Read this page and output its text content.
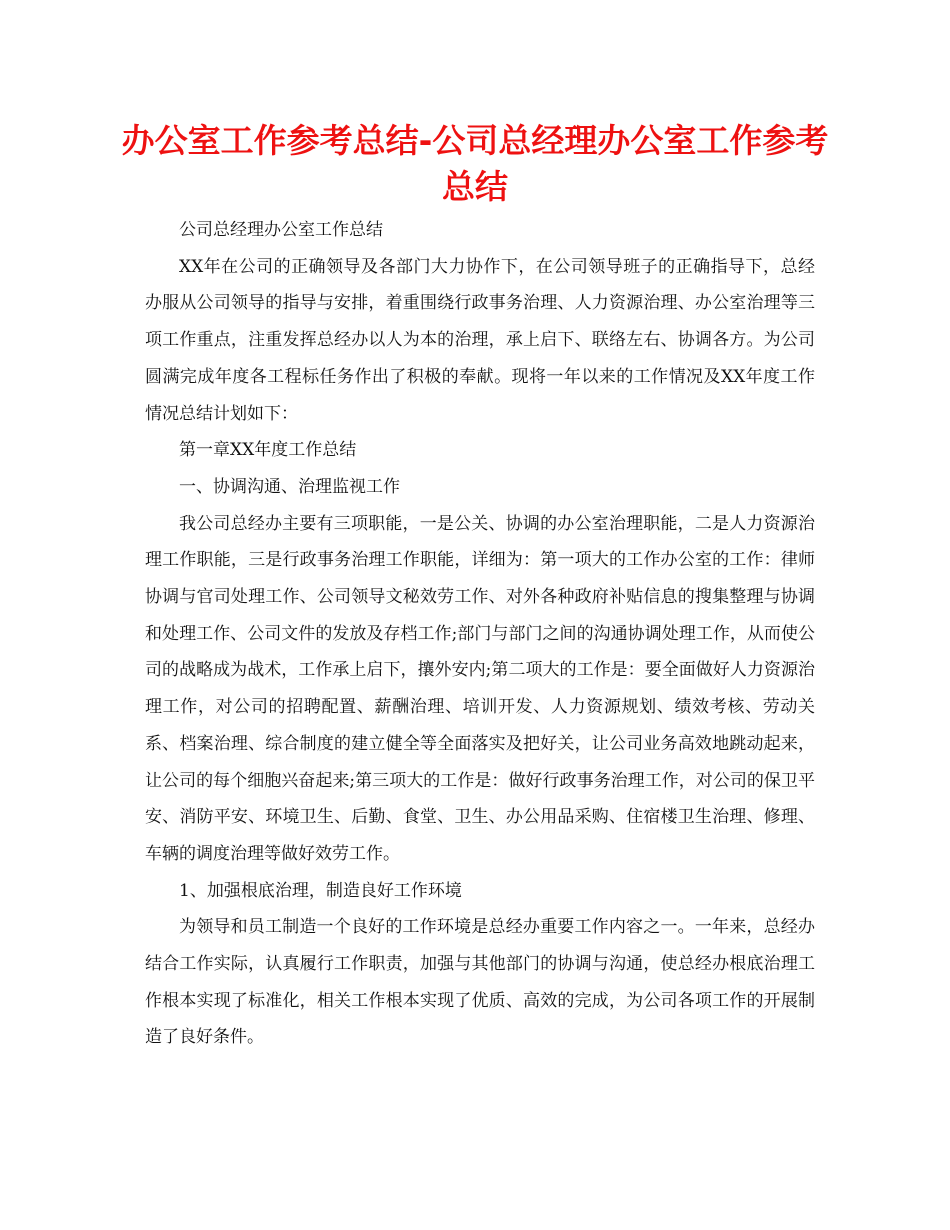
办公室工作参考总结-公司总经理办公室工作参考总结

公司总经理办公室工作总结

XX年在公司的正确领导及各部门大力协作下，在公司领导班子的正确指导下，总经办服从公司领导的指导与安排，着重围绕行政事务治理、人力资源治理、办公室治理等三项工作重点，注重发挥总经办以人为本的治理，承上启下、联络左右、协调各方。为公司圆满完成年度各工程标任务作出了积极的奉献。现将一年以来的工作情况及XX年度工作情况总结计划如下：

第一章XX年度工作总结

一、协调沟通、治理监视工作

我公司总经办主要有三项职能，一是公关、协调的办公室治理职能，二是人力资源治理工作职能，三是行政事务治理工作职能，详细为：第一项大的工作办公室的工作：律师协调与官司处理工作、公司领导文秘效劳工作、对外各种政府补贴信息的搜集整理与协调和处理工作、公司文件的发放及存档工作;部门与部门之间的沟通协调处理工作，从而使公司的战略成为战术，工作承上启下，攘外安内;第二项大的工作是：要全面做好人力资源治理工作，对公司的招聘配置、薪酬治理、培训开发、人力资源规划、绩效考核、劳动关系、档案治理、综合制度的建立健全等全面落实及把好关，让公司业务高效地跳动起来，让公司的每个细胞兴奋起来;第三项大的工作是：做好行政事务治理工作，对公司的保卫平安、消防平安、环境卫生、后勤、食堂、卫生、办公用品采购、住宿楼卫生治理、修理、车辆的调度治理等做好效劳工作。

1、加强根底治理，制造良好工作环境

为领导和员工制造一个良好的工作环境是总经办重要工作内容之一。一年来，总经办结合工作实际，认真履行工作职责，加强与其他部门的协调与沟通，使总经办根底治理工作根本实现了标准化，相关工作根本实现了优质、高效的完成，为公司各项工作的开展制造了良好条件。
